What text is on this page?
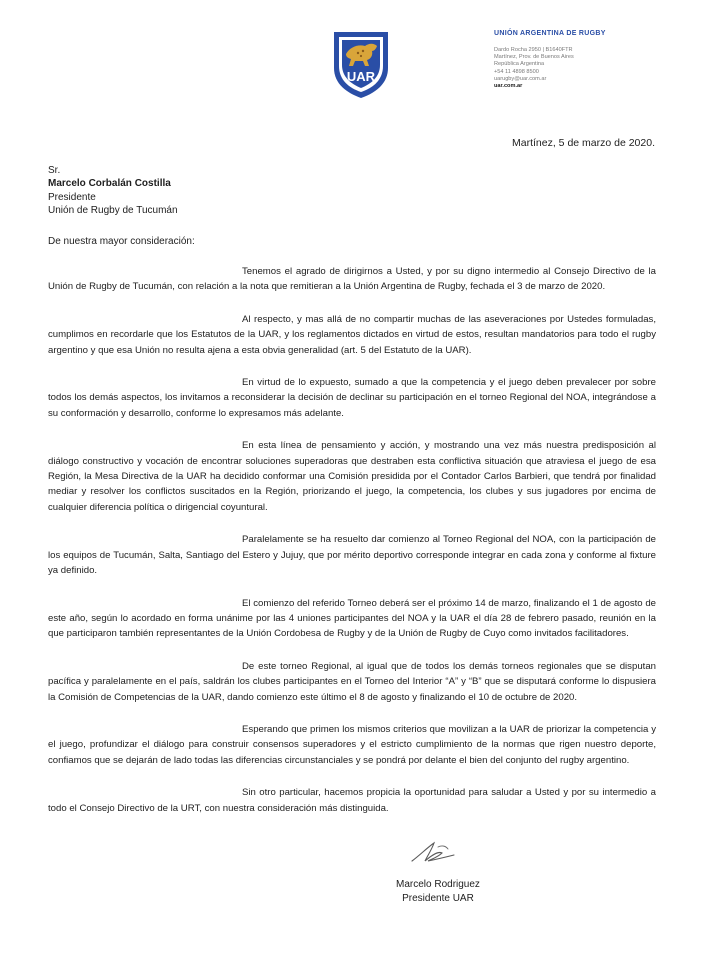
UAR
UNIÓN ARGENTINA DE RUGBY
Dardo Rocha 2950 | B1640FTR
Martínez, Prov. de Buenos Aires
República Argentina
+54 11 4898 8500
uarugby@uar.com.ar
uar.com.ar
Martínez, 5 de marzo de 2020.
Sr.
Marcelo Corbalán Costilla
Presidente
Unión de Rugby de Tucumán
De nuestra mayor consideración:

Tenemos el agrado de dirigirnos a Usted, y por su digno intermedio al Consejo Directivo de la Unión de Rugby de Tucumán, con relación a la nota que remitieran a la Unión Argentina de Rugby, fechada el 3 de marzo de 2020.

Al respecto, y mas allá de no compartir muchas de las aseveraciones por Ustedes formuladas, cumplimos en recordarle que los Estatutos de la UAR, y los reglamentos dictados en virtud de estos, resultan mandatorios para todo el rugby argentino y que esa Unión no resulta ajena a esta obvia generalidad (art. 5 del Estatuto de la UAR).

En virtud de lo expuesto, sumado a que la competencia y el juego deben prevalecer por sobre todos los demás aspectos, los invitamos a reconsiderar la decisión de declinar su participación en el torneo Regional del NOA, integrándose a su conformación y desarrollo, conforme lo expresamos más adelante.

En esta línea de pensamiento y acción, y mostrando una vez más nuestra predisposición al diálogo constructivo y vocación de encontrar soluciones superadoras que destraben esta conflictiva situación que atraviesa el juego de esa Región, la Mesa Directiva de la UAR ha decidido conformar una Comisión presidida por el Contador Carlos Barbieri, que tendrá por finalidad mediar y resolver los conflictos suscitados en la Región, priorizando el juego, la competencia, los clubes y sus jugadores por encima de cualquier diferencia política o dirigencial coyuntural.

Paralelamente se ha resuelto dar comienzo al Torneo Regional del NOA, con la participación de los equipos de Tucumán, Salta, Santiago del Estero y Jujuy, que por mérito deportivo corresponde integrar en cada zona y conforme al fixture ya definido.

El comienzo del referido Torneo deberá ser el próximo 14 de marzo, finalizando el 1 de agosto de este año, según lo acordado en forma unánime por las 4 uniones participantes del NOA y la UAR el día 28 de febrero pasado, reunión en la que participaron también representantes de la Unión Cordobesa de Rugby y de la Unión de Rugby de Cuyo como invitados facilitadores.

De este torneo Regional, al igual que de todos los demás torneos regionales que se disputan pacífica y paralelamente en el país, saldrán los clubes participantes en el Torneo del Interior “A” y “B” que se disputará conforme lo dispusiera la Comisión de Competencias de la UAR, dando comienzo este último el 8 de agosto y finalizando el 10 de octubre de 2020.

Esperando que primen los mismos criterios que movilizan a la UAR de priorizar la competencia y el juego, profundizar el diálogo para construir consensos superadores y el estricto cumplimiento de la normas que rigen nuestro deporte, confiamos que se dejarán de lado todas las diferencias circunstanciales y se pondrá por delante el bien del conjunto del rugby argentino.

Sin otro particular, hacemos propicia la oportunidad para saludar a Usted y por su intermedio a todo el Consejo Directivo de la URT, con nuestra consideración más distinguida.

Marcelo Rodriguez
Presidente UAR
